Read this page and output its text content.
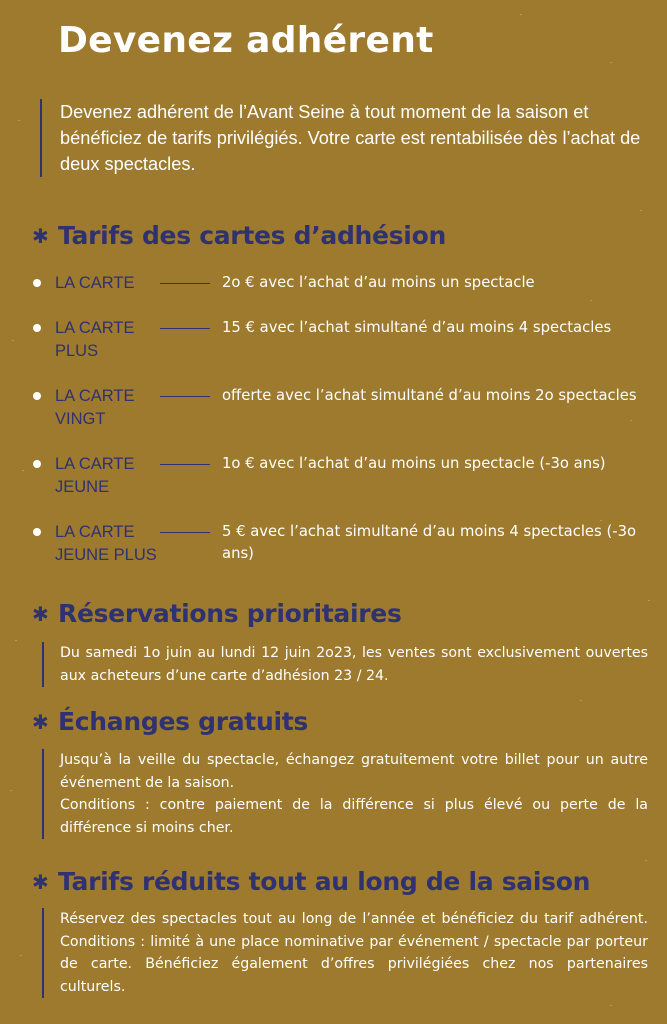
Devenez adhérent

Devenez adhérent de l’Avant Seine à tout moment de la saison et bénéficiez de tarifs privilégiés. Votre carte est rentabilisée dès l’achat de deux spectacles.

✱ Tarifs des cartes d’adhésion
LA CARTE	2o € avec l’achat d’au moins un spectacle
LA CARTE PLUS
15 € avec l’achat simultané d’au moins 4 spectacles
LA CARTE VINGT
offerte avec l’achat simultané d’au moins 2o spectacles
LA CARTE JEUNE
1o € avec l’achat d’au moins un spectacle (-3o ans)
LA CARTE JEUNE PLUS
5 € avec l’achat simultané d’au moins 4 spectacles (-3o ans)
✱ Réservations prioritaires

Du samedi 1o juin au lundi 12 juin 2o23, les ventes sont exclusivement ouvertes aux acheteurs d’une carte d’adhésion 23 / 24.

✱ Échanges gratuits

Jusqu’à la veille du spectacle, échangez gratuitement votre billet pour un autre événement de la saison.

Conditions : contre paiement de la différence si plus élevé ou perte de la différence si moins cher.

✱ Tarifs réduits tout au long de la saison

Réservez des spectacles tout au long de l’année et bénéficiez du tarif adhérent. Conditions : limité à une place nominative par événement / spectacle par porteur de carte. Bénéficiez également d’offres privilégiées chez nos partenaires culturels.
